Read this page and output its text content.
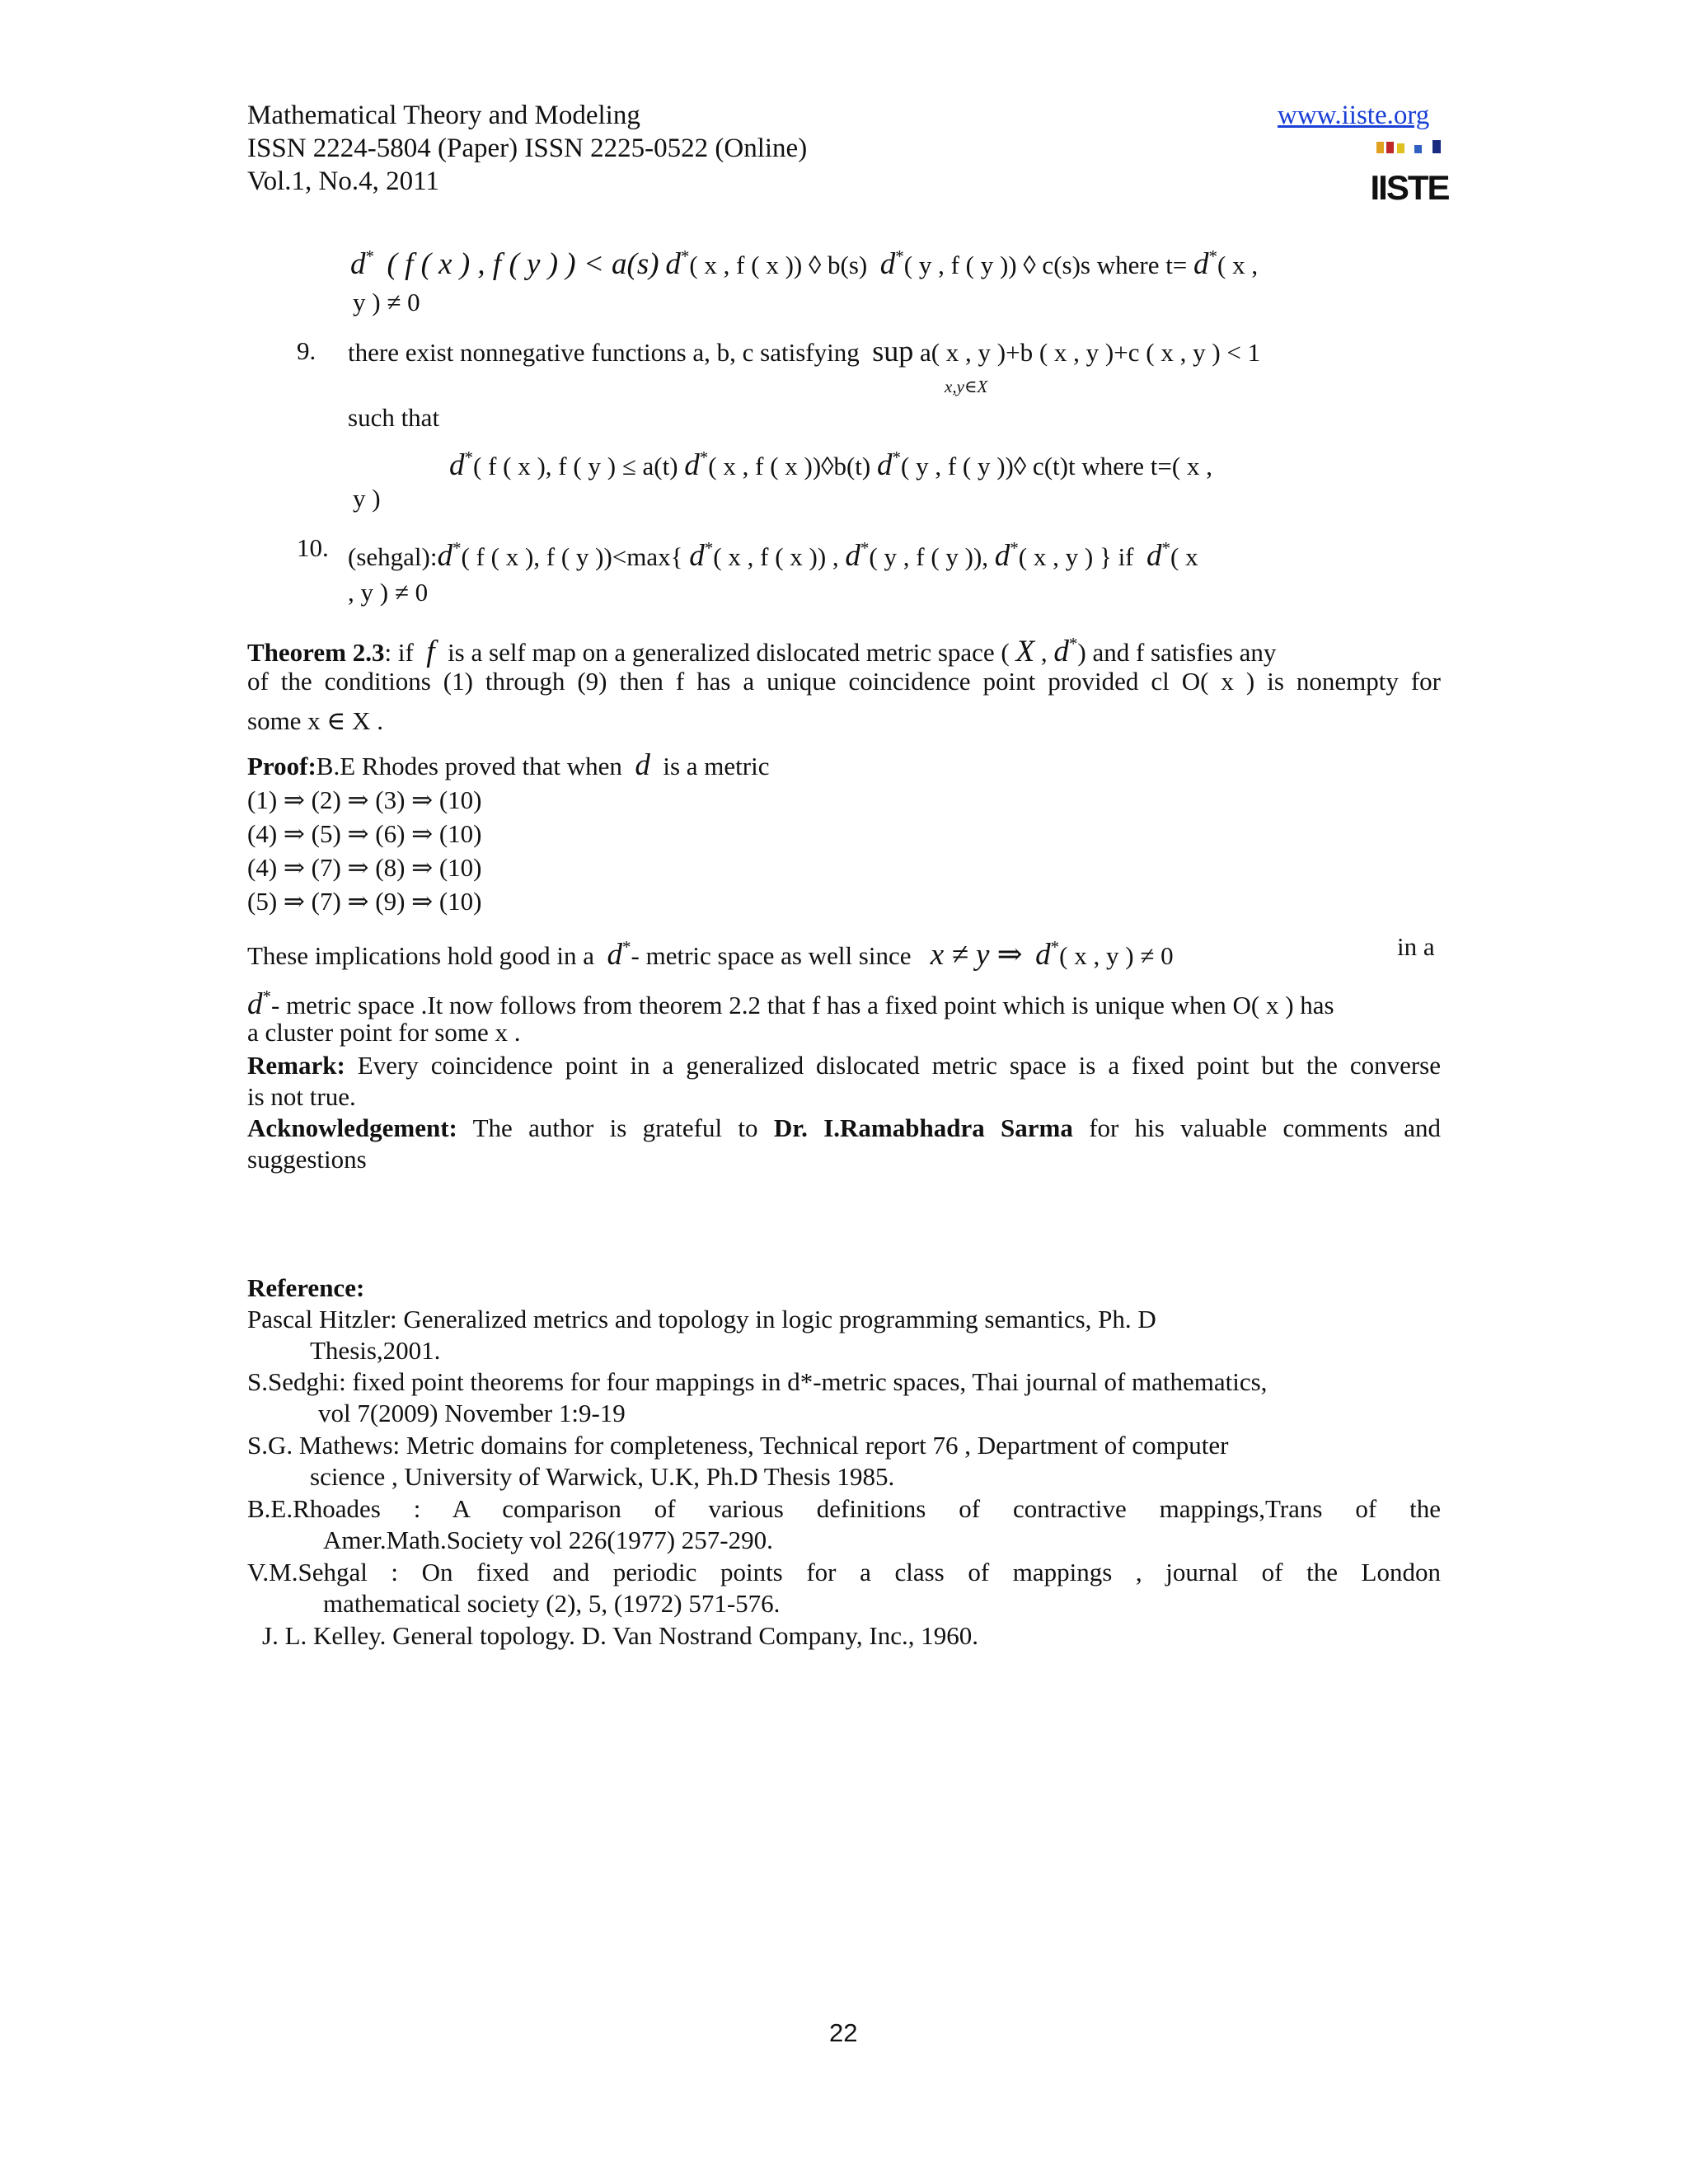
Mathematical Theory and Modeling
ISSN 2224-5804 (Paper) ISSN 2225-0522 (Online)
Vol.1, No.4, 2011
www.iiste.org
IISTE
d* ( f ( x ) , f ( y ) ) < a(s) d*( x , f ( x )) ◊ b(s) d*( y , f ( y )) ◊ c(s)s where t= d*( x ,
y ) ≠ 0
9. there exist nonnegative functions a, b, c satisfying sup a( x , y )+b ( x , y )+c ( x , y ) < 1
x,y∈X
such that
d*( f ( x ), f ( y ) ≤ a(t) d*( x , f ( x ))◊b(t) d*( y , f ( y ))◊ c(t)t where t=( x ,
y )
10. (sehgal):d*( f ( x ), f ( y ))<max{ d*( x , f ( x )) , d*( y , f ( y )), d*( x , y ) } if d*( x
, y ) ≠ 0
Theorem 2.3: if f is a self map on a generalized dislocated metric space ( X , d*) and f satisfies any
of the conditions (1) through (9) then f has a unique coincidence point provided cl O( x ) is nonempty for
some x ∈ X .
Proof:B.E Rhodes proved that when d is a metric
(1) ⇒ (2) ⇒ (3) ⇒ (10)
(4) ⇒ (5) ⇒ (6) ⇒ (10)
(4) ⇒ (7) ⇒ (8) ⇒ (10)
(5) ⇒ (7) ⇒ (9) ⇒ (10)
These implications hold good in a d*- metric space as well since x ≠ y ⇒ d*( x , y ) ≠ 0	in a
d*- metric space .It now follows from theorem 2.2 that f has a fixed point which is unique when O( x ) has
a cluster point for some x .
Remark: Every coincidence point in a generalized dislocated metric space is a fixed point but the converse
is not true.
Acknowledgement: The author is grateful to Dr. I.Ramabhadra Sarma for his valuable comments and
suggestions
Reference:
Pascal Hitzler: Generalized metrics and topology in logic programming semantics, Ph. D
Thesis,2001.
S.Sedghi: fixed point theorems for four mappings in d*-metric spaces, Thai journal of mathematics,
vol 7(2009) November 1:9-19
S.G. Mathews: Metric domains for completeness, Technical report 76 , Department of computer
science , University of Warwick, U.K, Ph.D Thesis 1985.
B.E.Rhoades : A comparison of various definitions of contractive mappings,Trans of the
Amer.Math.Society vol 226(1977) 257-290.
V.M.Sehgal : On fixed and periodic points for a class of mappings , journal of the London
mathematical society (2), 5, (1972) 571-576.
J. L. Kelley. General topology. D. Van Nostrand Company, Inc., 1960.
22
